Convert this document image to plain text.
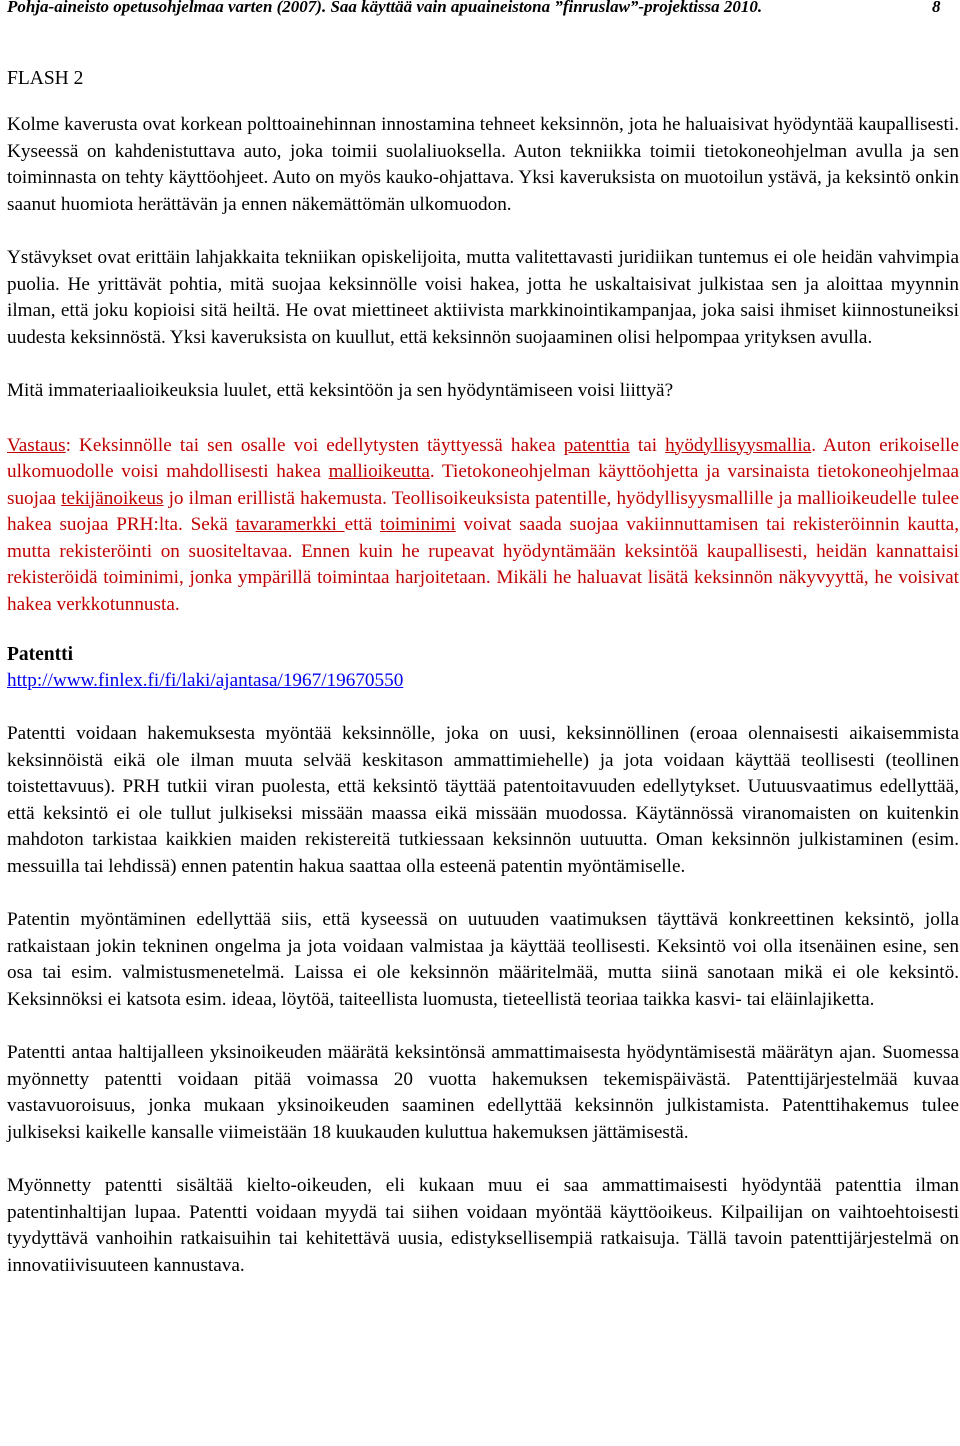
Pohja-aineisto opetusohjelmaa varten (2007). Saa käyttää vain apuaineistona ”finruslaw”-projektissa 2010.	8
FLASH 2

Kolme kaverusta ovat korkean polttoainehinnan innostamina tehneet keksinnön, jota he haluaisivat hyödyntää kaupallisesti. Kyseessä on kahdenistuttava auto, joka toimii suolaliuoksella. Auton tekniikka toimii tietokoneohjelman avulla ja sen toiminnasta on tehty käyttöohjeet. Auto on myös kauko-ohjattava. Yksi kaveruksista on muotoilun ystävä, ja keksintö onkin saanut huomiota herättävän ja ennen näkemättömän ulkomuodon.

Ystävykset ovat erittäin lahjakkaita tekniikan opiskelijoita, mutta valitettavasti juridiikan tuntemus ei ole heidän vahvimpia puolia. He yrittävät pohtia, mitä suojaa keksinnölle voisi hakea, jotta he uskaltaisivat julkistaa sen ja aloittaa myynnin ilman, että joku kopioisi sitä heiltä. He ovat miettineet aktiivista markkinointikampanjaa, joka saisi ihmiset kiinnostuneiksi uudesta keksinnöstä. Yksi kaveruksista on kuullut, että keksinnön suojaaminen olisi helpompaa yrityksen avulla.

Mitä immateriaalioikeuksia luulet, että keksintöön ja sen hyödyntämiseen voisi liittyä?

Vastaus: Keksinnölle tai sen osalle voi edellytysten täyttyessä hakea patenttia tai hyödyllisyysmallia. Auton erikoiselle ulkomuodolle voisi mahdollisesti hakea mallioikeutta. Tietokoneohjelman käyttöohjetta ja varsinaista tietokoneohjelmaa suojaa tekijänoikeus jo ilman erillistä hakemusta. Teollisoikeuksista patentille, hyödyllisyysmallille ja mallioikeudelle tulee hakea suojaa PRH:lta. Sekä tavaramerkki että toiminimi voivat saada suojaa vakiinnuttamisen tai rekisteröinnin kautta, mutta rekisteröinti on suositeltavaa. Ennen kuin he rupeavat hyödyntämään keksintöä kaupallisesti, heidän kannattaisi rekisteröidä toiminimi, jonka ympärillä toimintaa harjoitetaan. Mikäli he haluavat lisätä keksinnön näkyvyyttä, he voisivat hakea verkkotunnusta.

Patentti
http://www.finlex.fi/fi/laki/ajantasa/1967/19670550

Patentti voidaan hakemuksesta myöntää keksinnölle, joka on uusi, keksinnöllinen (eroaa olennaisesti aikaisemmista keksinnöistä eikä ole ilman muuta selvää keskitason ammattimiehelle) ja jota voidaan käyttää teollisesti (teollinen toistettavuus). PRH tutkii viran puolesta, että keksintö täyttää patentoitavuuden edellytykset. Uutuusvaatimus edellyttää, että keksintö ei ole tullut julkiseksi missään maassa eikä missään muodossa. Käytännössä viranomaisten on kuitenkin mahdoton tarkistaa kaikkien maiden rekistereitä tutkiessaan keksinnön uutuutta. Oman keksinnön julkistaminen (esim. messuilla tai lehdissä) ennen patentin hakua saattaa olla esteenä patentin myöntämiselle.

Patentin myöntäminen edellyttää siis, että kyseessä on uutuuden vaatimuksen täyttävä konkreettinen keksintö, jolla ratkaistaan jokin tekninen ongelma ja jota voidaan valmistaa ja käyttää teollisesti. Keksintö voi olla itsenäinen esine, sen osa tai esim. valmistusmenetelmä. Laissa ei ole keksinnön määritelmää, mutta siinä sanotaan mikä ei ole keksintö. Keksinnöksi ei katsota esim. ideaa, löytöä, taiteellista luomusta, tieteellistä teoriaa taikka kasvi- tai eläinlajiketta.

Patentti antaa haltijalleen yksinoikeuden määrätä keksintönsä ammattimaisesta hyödyntämisestä määrätyn ajan. Suomessa myönnetty patentti voidaan pitää voimassa 20 vuotta hakemuksen tekemispäivästä. Patenttijärjestelmää kuvaa vastavuoroisuus, jonka mukaan yksinoikeuden saaminen edellyttää keksinnön julkistamista. Patenttihakemus tulee julkiseksi kaikelle kansalle viimeistään 18 kuukauden kuluttua hakemuksen jättämisestä.

Myönnetty patentti sisältää kielto-oikeuden, eli kukaan muu ei saa ammattimaisesti hyödyntää patenttia ilman patentinhaltijan lupaa. Patentti voidaan myydä tai siihen voidaan myöntää käyttöoikeus. Kilpailijan on vaihtoehtoisesti tyydyttävä vanhoihin ratkaisuihin tai kehitettävä uusia, edistyksellisempiä ratkaisuja. Tällä tavoin patenttijärjestelmä on innovatiivisuuteen kannustava.
